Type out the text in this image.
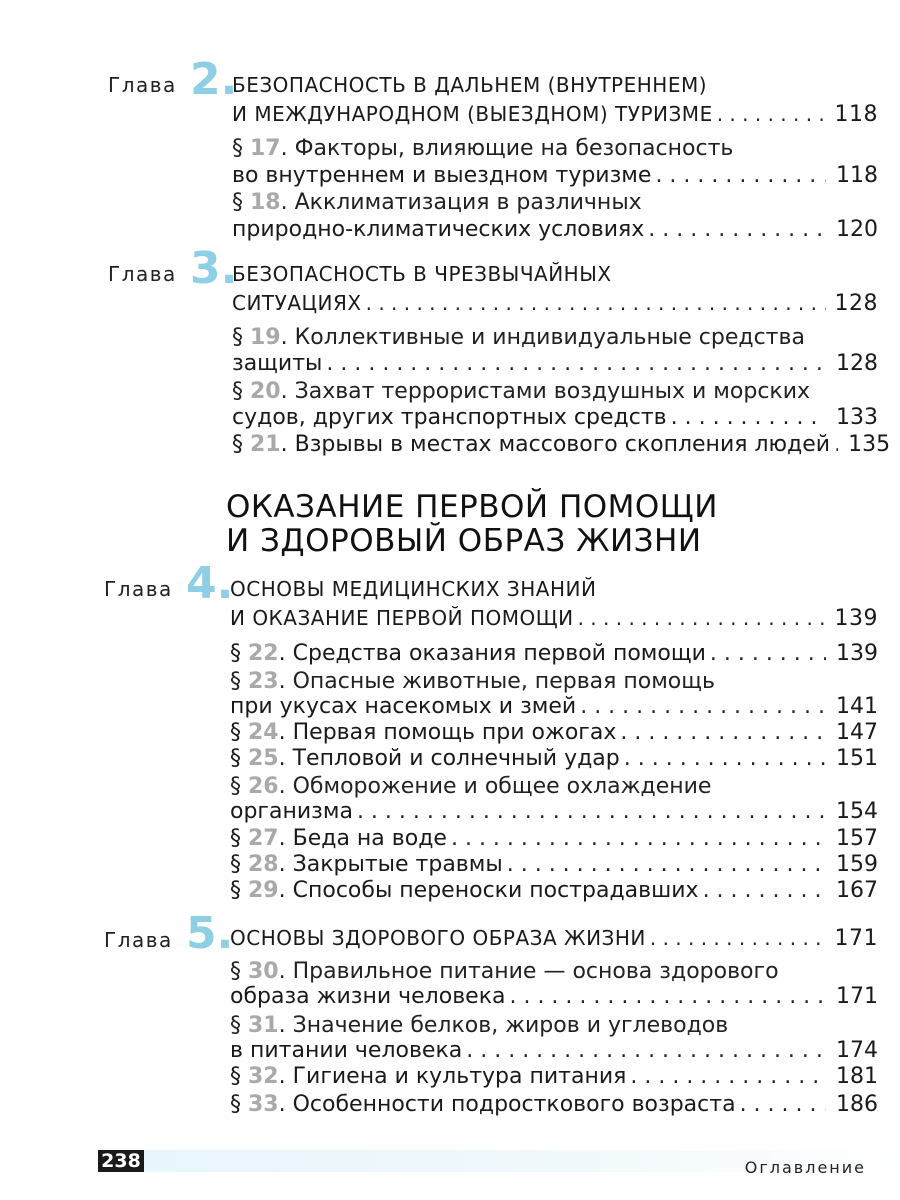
Глава 2.
БЕЗОПАСНОСТЬ В ДАЛЬНЕМ (ВНУТРЕННЕМ)
И МЕЖДУНАРОДНОМ (ВЫЕЗДНОМ) ТУРИЗМЕ . . .	118
§ 17. Факторы, влияющие на безопасность
во внутреннем и выездном туризме . . .	118
§ 18. Акклиматизация в различных
природно-климатических условиях . . .	120
Глава 3.
БЕЗОПАСНОСТЬ В ЧРЕЗВЫЧАЙНЫХ
СИТУАЦИЯХ . . .	128
§ 19. Коллективные и индивидуальные средства
защиты . . .	128
§ 20. Захват террористами воздушных и морских
судов, других транспортных средств . . .	133
§ 21. Взрывы в местах массового скопления людей . . . 135
ОКАЗАНИЕ ПЕРВОЙ ПОМОЩИ
И ЗДОРОВЫЙ ОБРАЗ ЖИЗНИ
Глава 4.
ОСНОВЫ МЕДИЦИНСКИХ ЗНАНИЙ
И ОКАЗАНИЕ ПЕРВОЙ ПОМОЩИ . . .	139
§ 22. Средства оказания первой помощи . . .	139
§ 23. Опасные животные, первая помощь
при укусах насекомых и змей . . .	141
§ 24. Первая помощь при ожогах . . .	147
§ 25. Тепловой и солнечный удар . . .	151
§ 26. Обморожение и общее охлаждение
организма . . .	154
§ 27. Беда на воде . . .	157
§ 28. Закрытые травмы . . .	159
§ 29. Способы переноски пострадавших . . .	167
Глава 5.
ОСНОВЫ ЗДОРОВОГО ОБРАЗА ЖИЗНИ . . .	171
§ 30. Правильное питание — основа здорового
образа жизни человека . . .	171
§ 31. Значение белков, жиров и углеводов
в питании человека . . .	174
§ 32. Гигиена и культура питания . . .	181
§ 33. Особенности подросткового возраста . . .	186
238	Оглавление
